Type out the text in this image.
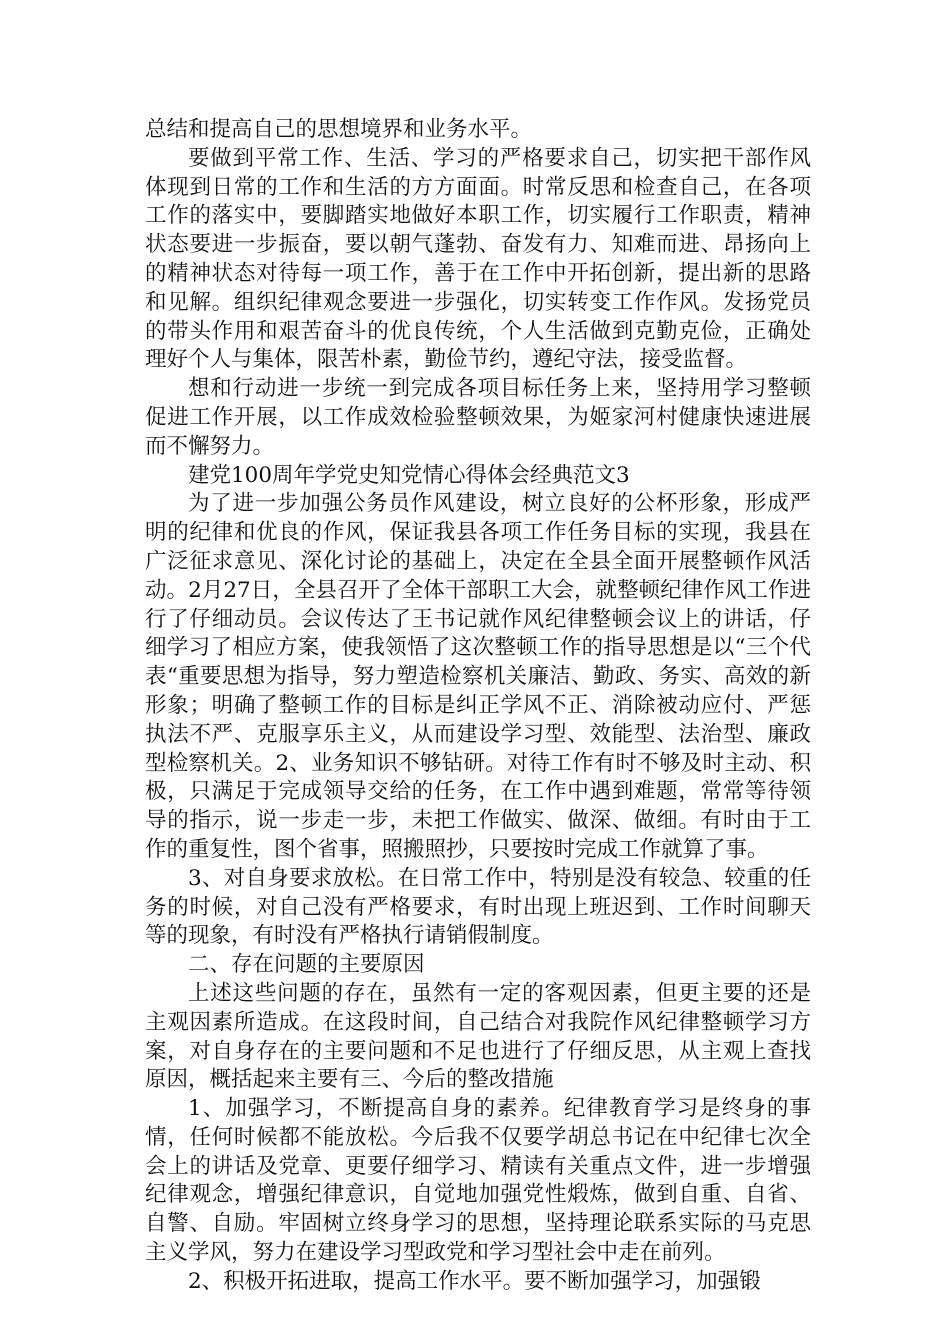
总结和提高自己的思想境界和业务水平。

要做到平常工作、生活、学习的严格要求自己，切实把干部作风体现到日常的工作和生活的方方面面。时常反思和检查自己，在各项工作的落实中，要脚踏实地做好本职工作，切实履行工作职责，精神状态要进一步振奋，要以朝气蓬勃、奋发有力、知难而进、昂扬向上的精神状态对待每一项工作，善于在工作中开拓创新，提出新的思路和见解。组织纪律观念要进一步强化，切实转变工作作风。发扬党员的带头作用和艰苦奋斗的优良传统，个人生活做到克勤克俭，正确处理好个人与集体，限苦朴素，勤俭节约，遵纪守法，接受监督。

想和行动进一步统一到完成各项目标任务上来，坚持用学习整顿促进工作开展，以工作成效检验整顿效果，为姬家河村健康快速进展而不懈努力。

建党100周年学党史知党情心得体会经典范文3

为了进一步加强公务员作风建设，树立良好的公杯形象，形成严明的纪律和优良的作风，保证我县各项工作任务目标的实现，我县在广泛征求意见、深化讨论的基础上，决定在全县全面开展整顿作风活动。2月27日，全县召开了全体干部职工大会，就整顿纪律作风工作进行了仔细动员。会议传达了王书记就作风纪律整顿会议上的讲话，仔细学习了相应方案，使我领悟了这次整顿工作的指导思想是以“三个代表“重要思想为指导，努力塑造检察机关廉洁、勤政、务实、高效的新形象；明确了整顿工作的目标是纠正学风不正、消除被动应付、严惩执法不严、克服享乐主义，从而建设学习型、效能型、法治型、廉政型检察机关。2、业务知识不够钻研。对待工作有时不够及时主动、积极，只满足于完成领导交给的任务，在工作中遇到难题，常常等待领导的指示，说一步走一步，未把工作做实、做深、做细。有时由于工作的重复性，图个省事，照搬照抄，只要按时完成工作就算了事。

3、对自身要求放松。在日常工作中，特别是没有较急、较重的任务的时候，对自己没有严格要求，有时出现上班迟到、工作时间聊天等的现象，有时没有严格执行请销假制度。

二、存在问题的主要原因

上述这些问题的存在，虽然有一定的客观因素，但更主要的还是主观因素所造成。在这段时间，自己结合对我院作风纪律整顿学习方案，对自身存在的主要问题和不足也进行了仔细反思，从主观上查找原因，概括起来主要有三、今后的整改措施

1、加强学习，不断提高自身的素养。纪律教育学习是终身的事情，任何时候都不能放松。今后我不仅要学胡总书记在中纪律七次全会上的讲话及党章、更要仔细学习、精读有关重点文件，进一步增强纪律观念，增强纪律意识，自觉地加强党性煅炼，做到自重、自省、自警、自励。牢固树立终身学习的思想，坚持理论联系实际的马克思主义学风，努力在建设学习型政党和学习型社会中走在前列。

2、积极开拓进取，提高工作水平。要不断加强学习，加强锻
